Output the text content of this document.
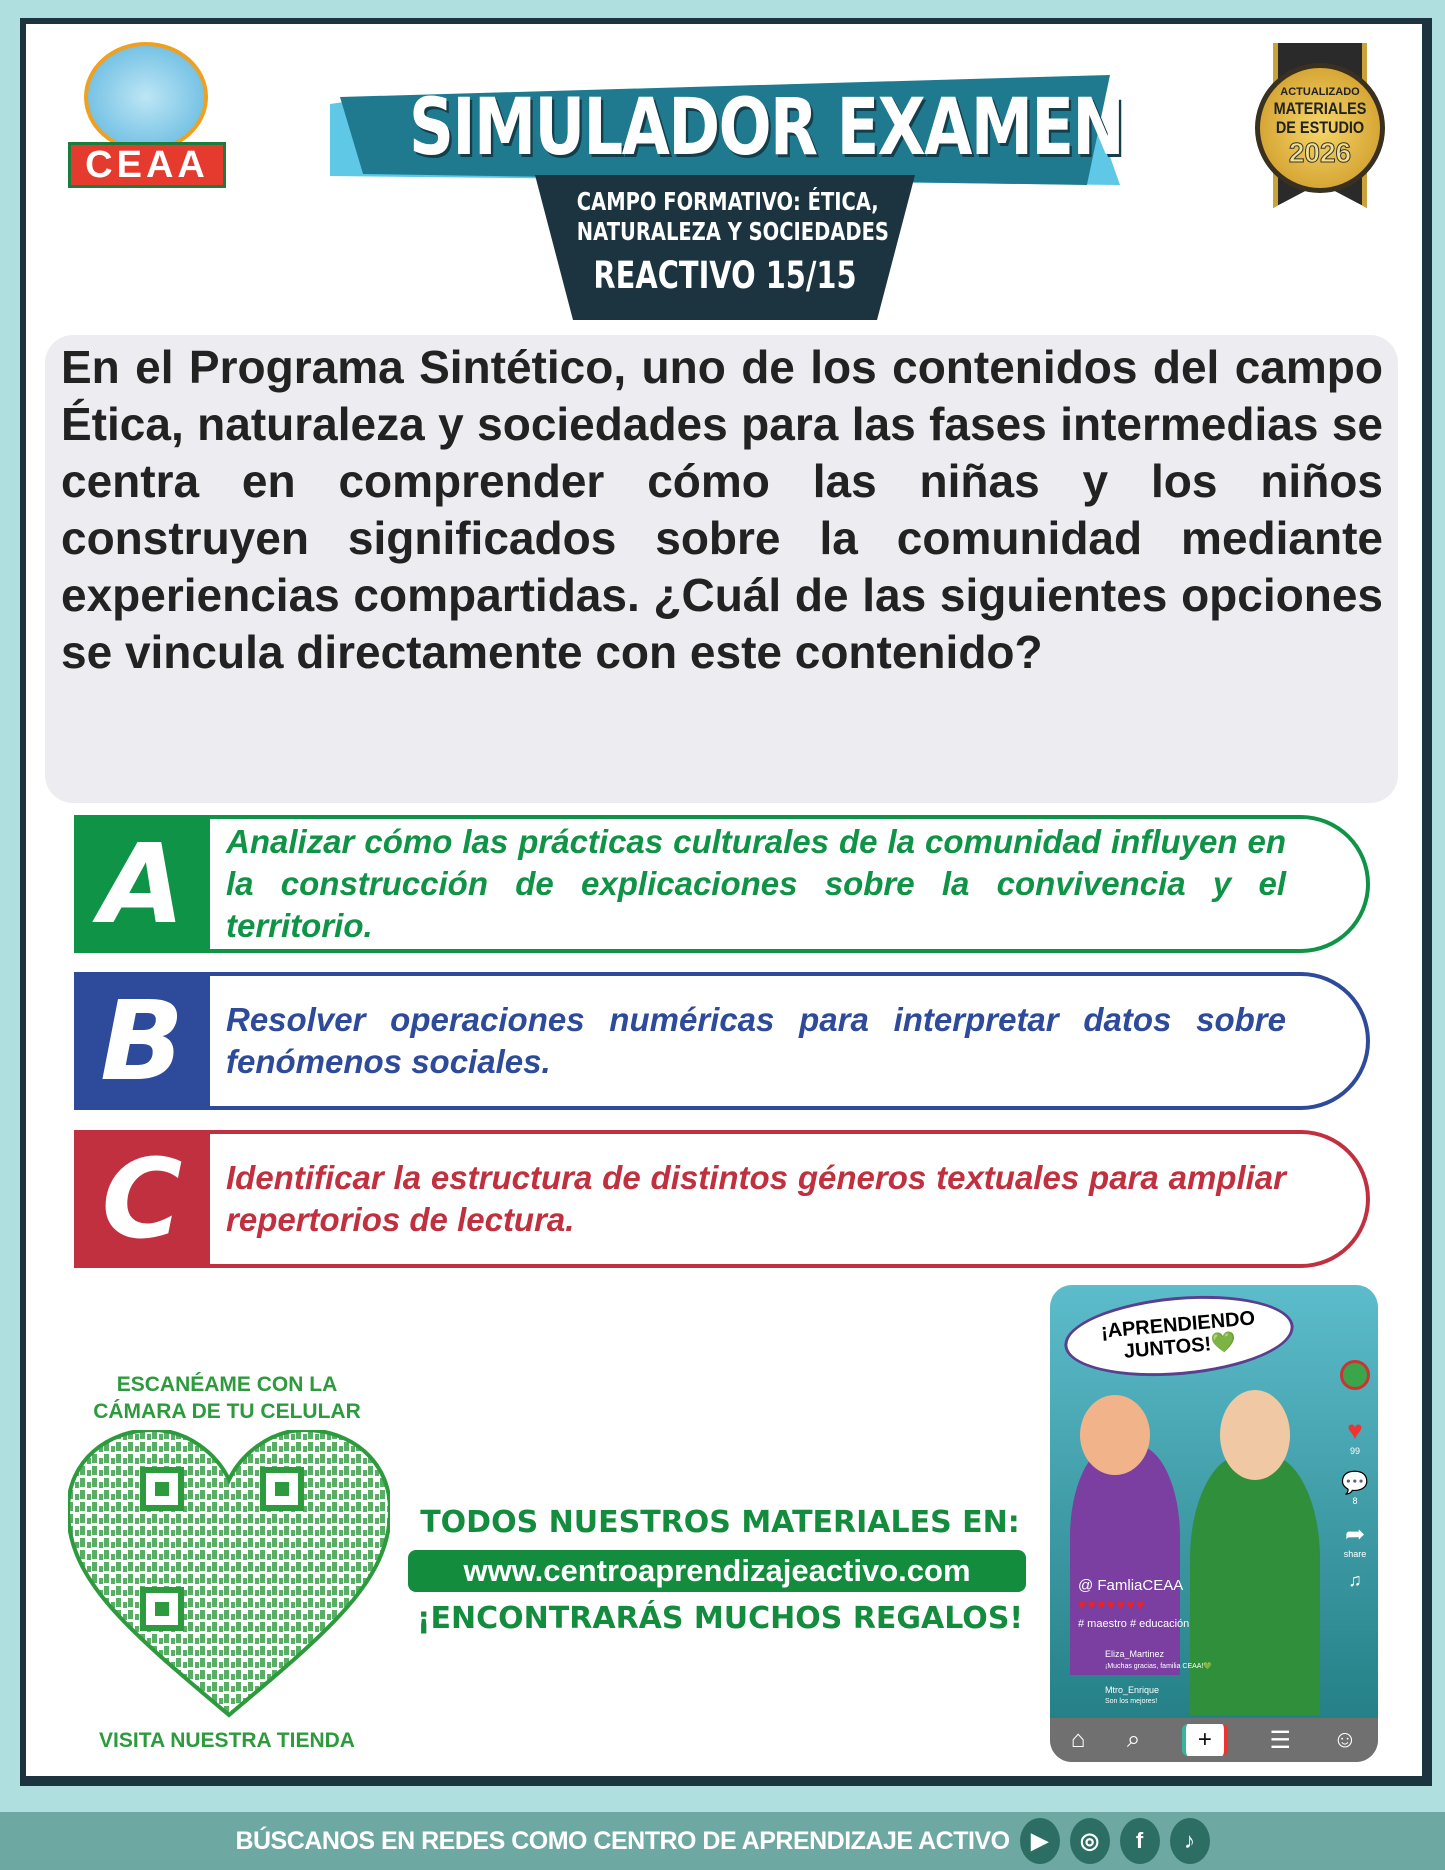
CEAA	SIMULADOR EXAMEN
CAMPO FORMATIVO: ÉTICA,
NATURALEZA Y SOCIEDADES
REACTIVO 15/15
ACTUALIZADO
MATERIALES
DE ESTUDIO
2026

En el Programa Sintético, uno de los contenidos del campo Ética, naturaleza y sociedades para las fases intermedias se centra en comprender cómo las niñas y los niños construyen significados sobre la comunidad mediante experiencias compartidas. ¿Cuál de las siguientes opciones se vincula directamente con este contenido?

A	Analizar cómo las prácticas culturales de la comunidad influyen en la construcción de explicaciones sobre la convivencia y el territorio.
B	Resolver operaciones numéricas para interpretar datos sobre fenómenos sociales.
C	Identificar la estructura de distintos géneros textuales para ampliar repertorios de lectura.
ESCANÉAME CON LA
CÁMARA DE TU CELULAR
VISITA NUESTRA TIENDA
TODOS NUESTROS MATERIALES EN:
www.centroaprendizajeactivo.com
¡ENCONTRARÁS MUCHOS REGALOS!
¡APRENDIENDO JUNTOS!💚
♥
99
💬
8
➦
share
♫
@ FamliaCEAA
♥♥♥♥♥♥♥
# maestro # educación
Eliza_Martinez
¡Muchas gracias, familia CEAA!💚
Mtro_Enrique
Son los mejores!
⌂ ⌕	+	☰ ☺
BÚSCANOS EN REDES COMO CENTRO DE APRENDIZAJE ACTIVO ▶	◎	f	♪
